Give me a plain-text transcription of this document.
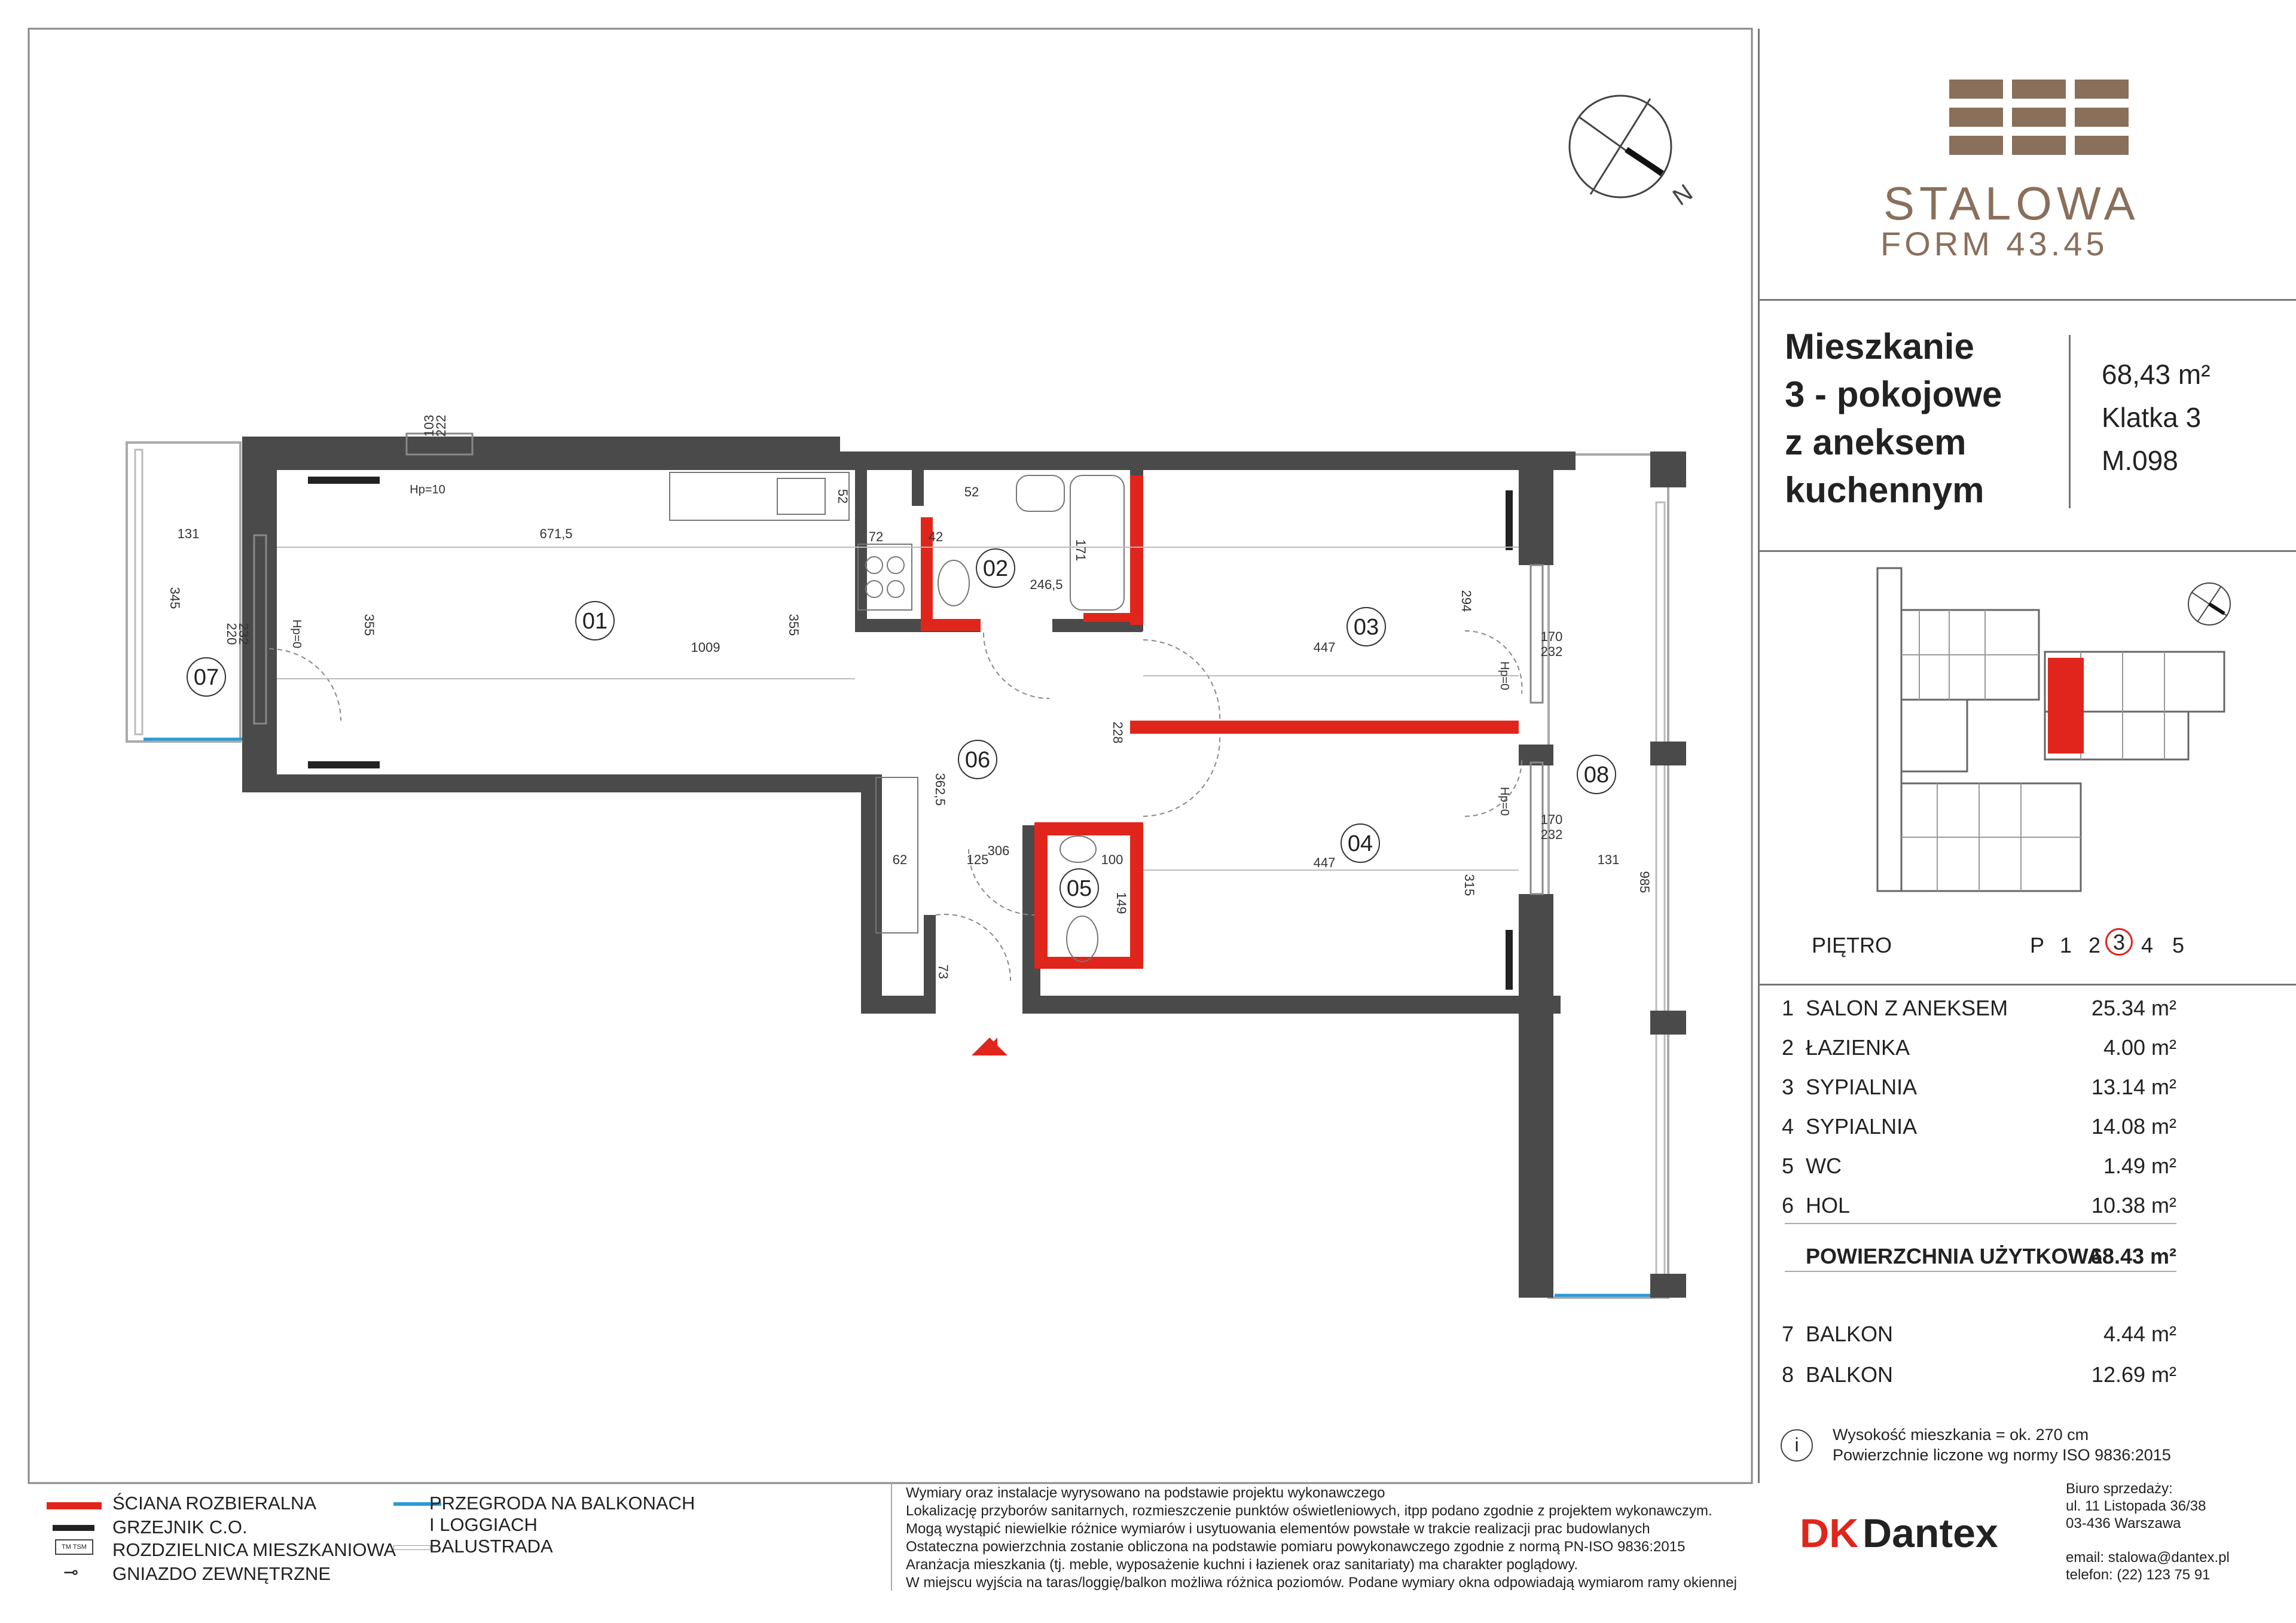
N
01
02
03
04
05
06
07
08
671,5
1009
355	355
345
131
220
232
103
222
52
72	42
52
171
246,5
447
294
170
232
228
362,5
306
125	100
149
62
73
447
315
170
232
131
985
Hp=10
Hp=0
Hp=0
Hp=0
STALOWA
FORM 43.45
Mieszkanie
3 - pokojowe
z aneksem
kuchennym
68,43 m²
Klatka 3
M.098
PIĘTRO	P 1 2 3 4 5
1 SALON Z ANEKSEM	25.34 m²
2 ŁAZIENKA	4.00 m²
3 SYPIALNIA	13.14 m²
4 SYPIALNIA	14.08 m²
5 WC	1.49 m²
6 HOL	10.38 m²
7 BALKON	4.44 m²
8 BALKON	12.69 m²
POWIERZCHNIA UŻYTKOWA
68.43 m²
i	Wysokość mieszkania = ok. 270 cm
Powierzchnie liczone wg normy ISO 9836:2015
ŚCIANA ROZBIERALNA
GRZEJNIK C.O.
TM TSM	ROZDZIELNICA MIESZKANIOWA
⊸ GNIAZDO ZEWNĘTRZNE
PRZEGRODA NA BALKONACH
I LOGGIACH
BALUSTRADA
Wymiary oraz instalacje wyrysowano na podstawie projektu wykonawczego
Lokalizację przyborów sanitarnych, rozmieszczenie punktów oświetleniowych, itpp podano zgodnie z projektem wykonawczym.
Mogą wystąpić niewielkie różnice wymiarów i usytuowania elementów powstałe w trakcie realizacji prac budowlanych
Ostateczna powierzchnia zostanie obliczona na podstawie pomiaru powykonawczego zgodnie z normą PN-ISO 9836:2015
Aranżacja mieszkania (tj. meble, wyposażenie kuchni i łazienek oraz sanitariaty) ma charakter poglądowy.
W miejscu wyjścia na taras/loggię/balkon możliwa różnica poziomów. Podane wymiary okna odpowiadają wymiarom ramy okiennej
DK Dantex
Biuro sprzedaży:
ul. 11 Listopada 36/38
03-436 Warszawa
email: stalowa@dantex.pl
telefon: (22) 123 75 91
